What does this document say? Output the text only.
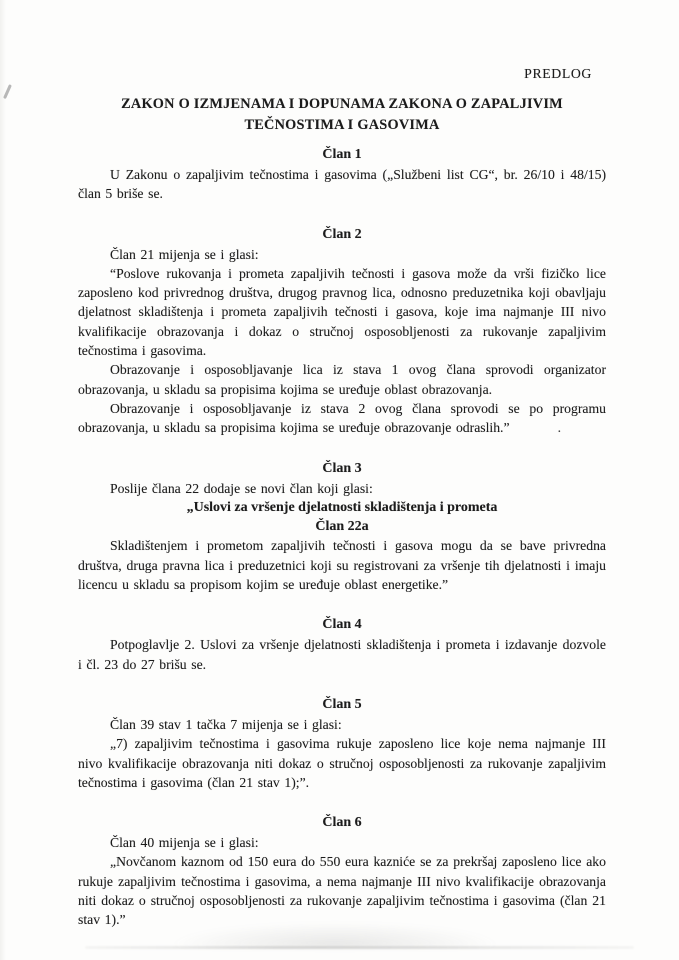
PREDLOG
ZAKON O IZMJENAMA I DOPUNAMA ZAKONA O ZAPALJIVIM
TEČNOSTIMA I GASOVIMA
Član 1

U Zakonu o zapaljivim tečnostima i gasovima („Službeni list CG“, br. 26/10 i 48/15) član 5 briše se.

Član 2

Član 21 mijenja se i glasi:

“Poslove rukovanja i prometa zapaljivih tečnosti i gasova može da vrši fizičko lice zaposleno kod privrednog društva, drugog pravnog lica, odnosno preduzetnika koji obavljaju djelatnost skladištenja i prometa zapaljivih tečnosti i gasova, koje ima najmanje III nivo kvalifikacije obrazovanja i dokaz o stručnoj osposobljenosti za rukovanje zapaljivim tečnostima i gasovima.

Obrazovanje i osposobljavanje lica iz stava 1 ovog člana sprovodi organizator obrazovanja, u skladu sa propisima kojima se uređuje oblast obrazovanja.

Obrazovanje i osposobljavanje iz stava 2 ovog člana sprovodi se po programu obrazovanja, u skladu sa propisima kojima se uređuje obrazovanje odraslih.”	.

Član 3

Poslije člana 22 dodaje se novi član koji glasi:

„Uslovi za vršenje djelatnosti skladištenja i prometa

Član 22a

Skladištenjem i prometom zapaljivih tečnosti i gasova mogu da se bave privredna društva, druga pravna lica i preduzetnici koji su registrovani za vršenje tih djelatnosti i imaju licencu u skladu sa propisom kojim se uređuje oblast energetike.”

Član 4

Potpoglavlje 2. Uslovi za vršenje djelatnosti skladištenja i prometa i izdavanje dozvole i čl. 23 do 27 brišu se.

Član 5

Član 39 stav 1 tačka 7 mijenja se i glasi:

„7) zapaljivim tečnostima i gasovima rukuje zaposleno lice koje nema najmanje III nivo kvalifikacije obrazovanja niti dokaz o stručnoj osposobljenosti za rukovanje zapaljivim tečnostima i gasovima (član 21 stav 1);”.

Član 6

Član 40 mijenja se i glasi:

„Novčanom kaznom od 150 eura do 550 eura kazniće se za prekršaj zaposleno lice ako rukuje zapaljivim tečnostima i gasovima, a nema najmanje III nivo kvalifikacije obrazovanja niti dokaz o stručnoj osposobljenosti za rukovanje zapaljivim tečnostima i gasovima (član 21 stav 1).”
